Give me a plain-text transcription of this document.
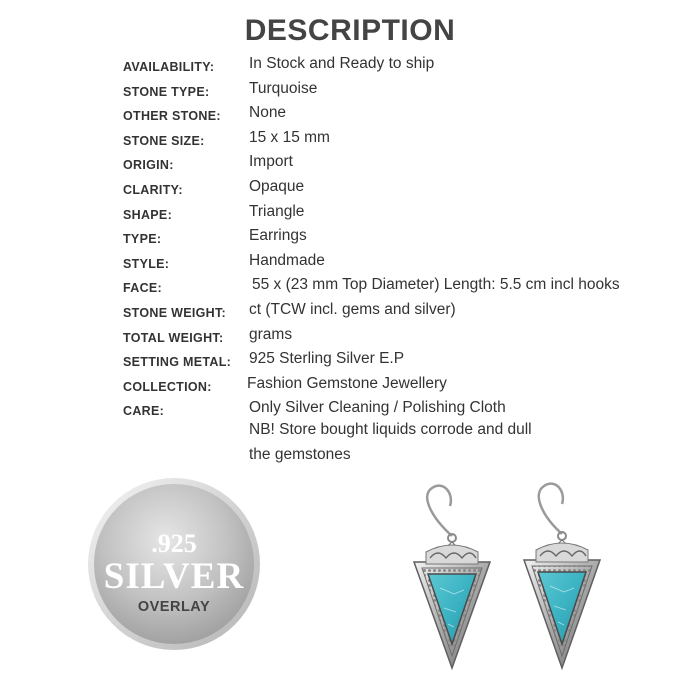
DESCRIPTION
AVAILABILITY: In Stock and Ready to ship
STONE TYPE:	Turquoise
OTHER STONE: None
STONE SIZE:	15 x 15 mm
ORIGIN:	Import
CLARITY:	Opaque
SHAPE:	Triangle
TYPE:	Earrings
STYLE:	Handmade
FACE:	55 x (23 mm Top Diameter) Length: 5.5 cm incl hooks
STONE WEIGHT: ct (TCW incl. gems and silver)
TOTAL WEIGHT: grams
SETTING METAL: 925 Sterling Silver E.P
COLLECTION: Fashion Gemstone Jewellery
CARE:	Only Silver Cleaning / Polishing Cloth
NB! Store bought liquids corrode and dull
the gemstones
.925
SILVER
OVERLAY
